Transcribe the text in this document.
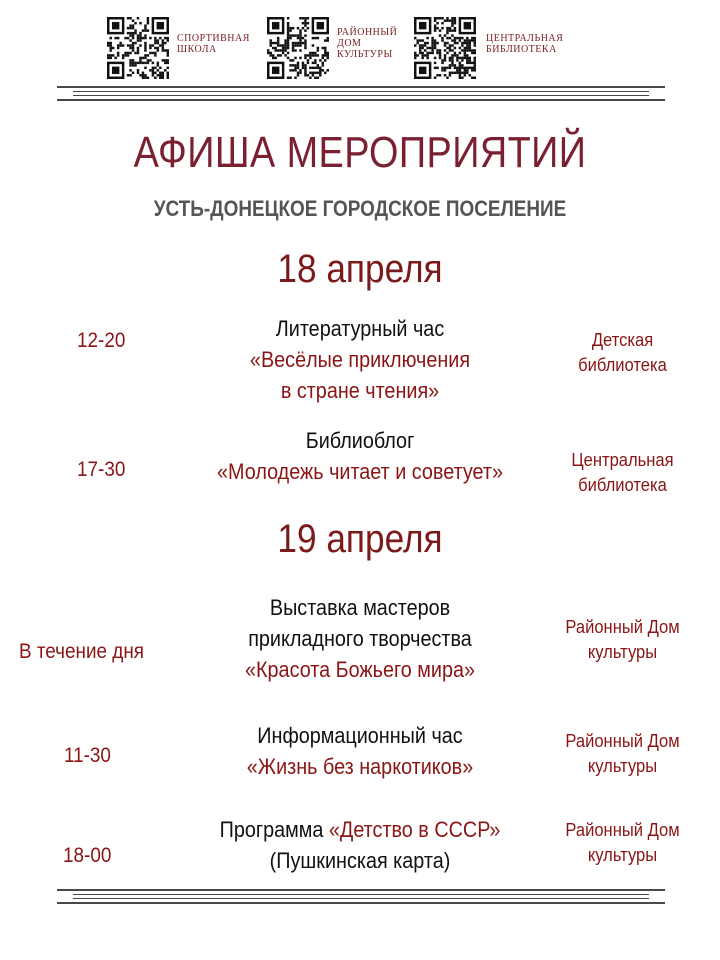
СПОРТИВНАЯ
ШКОЛА
РАЙОННЫЙ
ДОМ
КУЛЬТУРЫ
ЦЕНТРАЛЬНАЯ
БИБЛИОТЕКА
АФИША МЕРОПРИЯТИЙ
УСТЬ-ДОНЕЦКОЕ ГОРОДСКОЕ ПОСЕЛЕНИЕ
18 апреля
12-20	Литературный час
«Весёлые приключения
в стране чтения»
Детская
библиотека
17-30
Библиоблог
«Молодежь читает и советует»	Центральная
библиотека
19 апреля
В течение дня
Выставка мастеров
прикладного творчества
«Красота Божьего мира»
Районный Дом
культуры
11-30
Информационный час
«Жизнь без наркотиков»
Районный Дом
культуры
18-00
Программа «Детство в СССР»
(Пушкинская карта)
Районный Дом
культуры
